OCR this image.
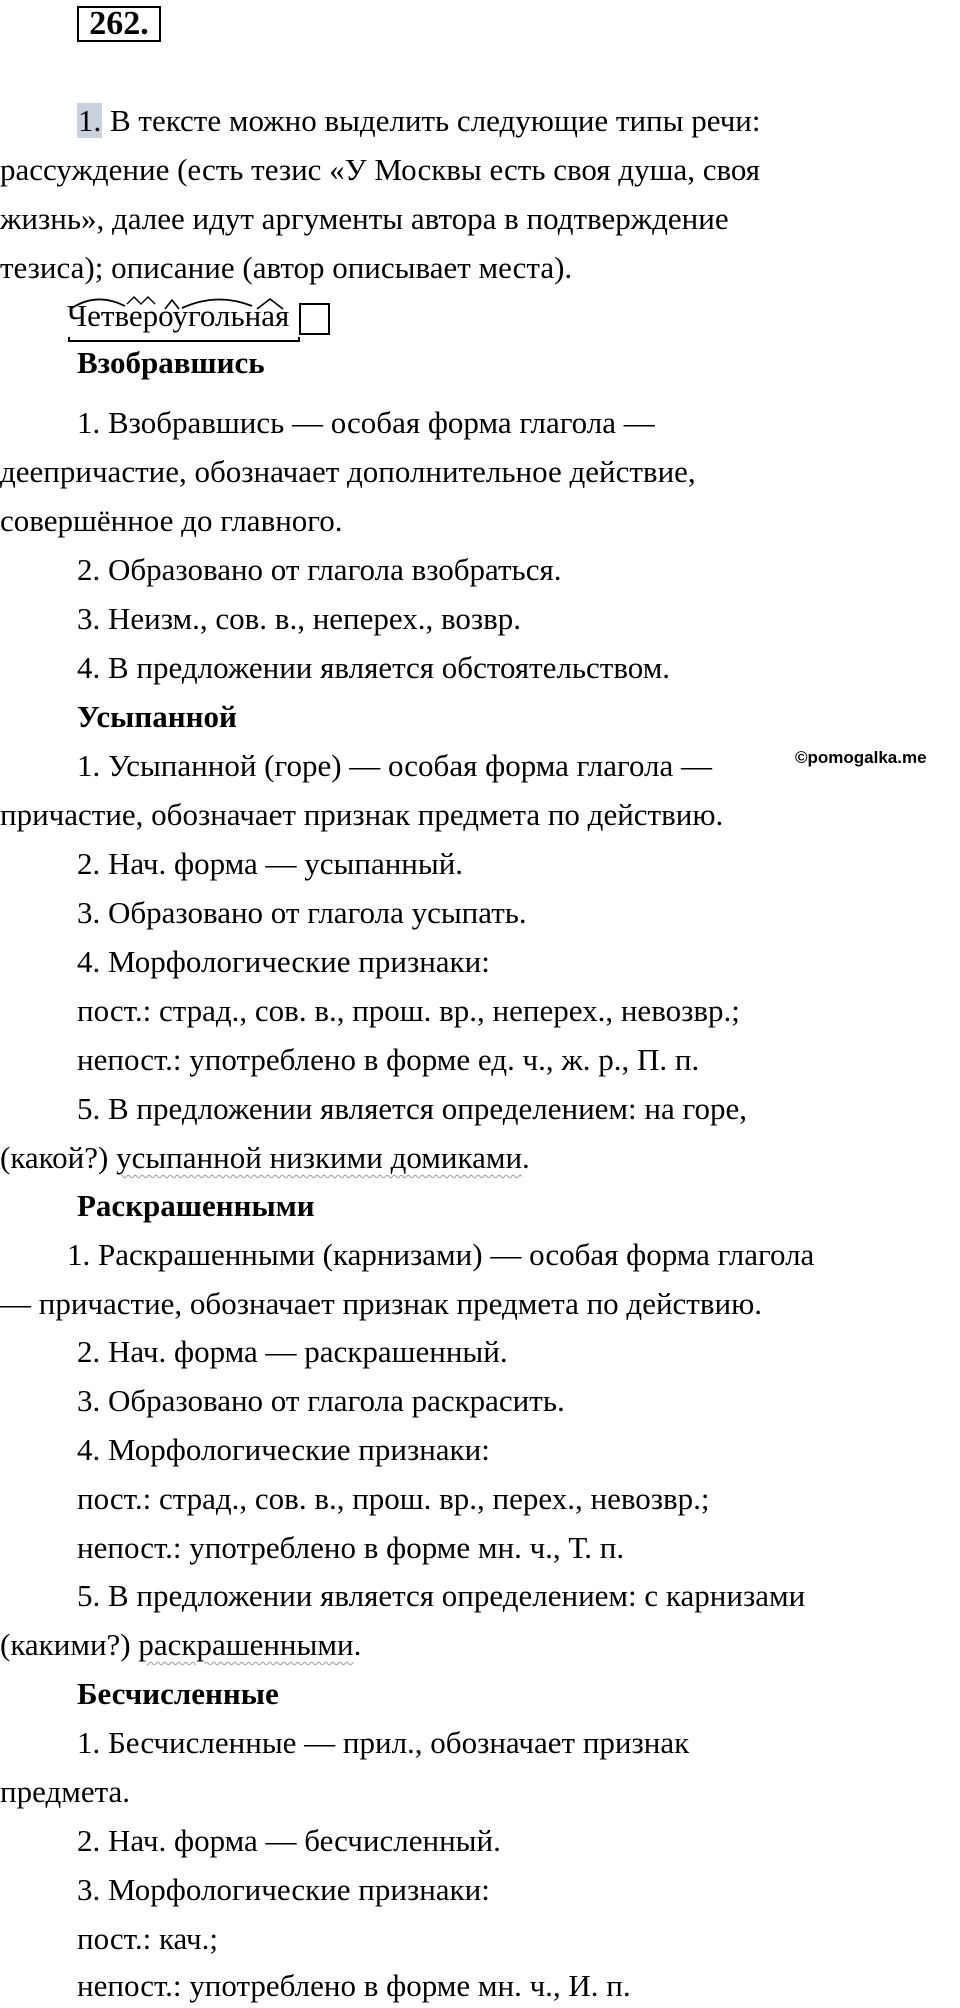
262.
1. В тексте можно выделить следующие типы речи:
рассуждение (есть тезис «У Москвы есть своя душа, своя
жизнь», далее идут аргументы автора в подтверждение
тезиса); описание (автор описывает места).
Четвероугольная
Взобравшись
1. Взобравшись — особая форма глагола —
деепричастие, обозначает дополнительное действие,
совершённое до главного.
2. Образовано от глагола взобраться.
3. Неизм., сов. в., неперех., возвр.
4. В предложении является обстоятельством.
Усыпанной
1. Усыпанной (горе) — особая форма глагола —	©pomogalka.me
причастие, обозначает признак предмета по действию.
2. Нач. форма — усыпанный.
3. Образовано от глагола усыпать.
4. Морфологические признаки:
пост.: страд., сов. в., прош. вр., неперех., невозвр.;
непост.: употреблено в форме ед. ч., ж. р., П. п.
5. В предложении является определением: на горе,
(какой?) усыпанной низкими домиками.
Раскрашенными
1. Раскрашенными (карнизами) — особая форма глагола
— причастие, обозначает признак предмета по действию.
2. Нач. форма — раскрашенный.
3. Образовано от глагола раскрасить.
4. Морфологические признаки:
пост.: страд., сов. в., прош. вр., перех., невозвр.;
непост.: употреблено в форме мн. ч., Т. п.
5. В предложении является определением: с карнизами
(какими?) раскрашенными.
Бесчисленные
1. Бесчисленные — прил., обозначает признак
предмета.
2. Нач. форма — бесчисленный.
3. Морфологические признаки:
пост.: кач.;
непост.: употреблено в форме мн. ч., И. п.
